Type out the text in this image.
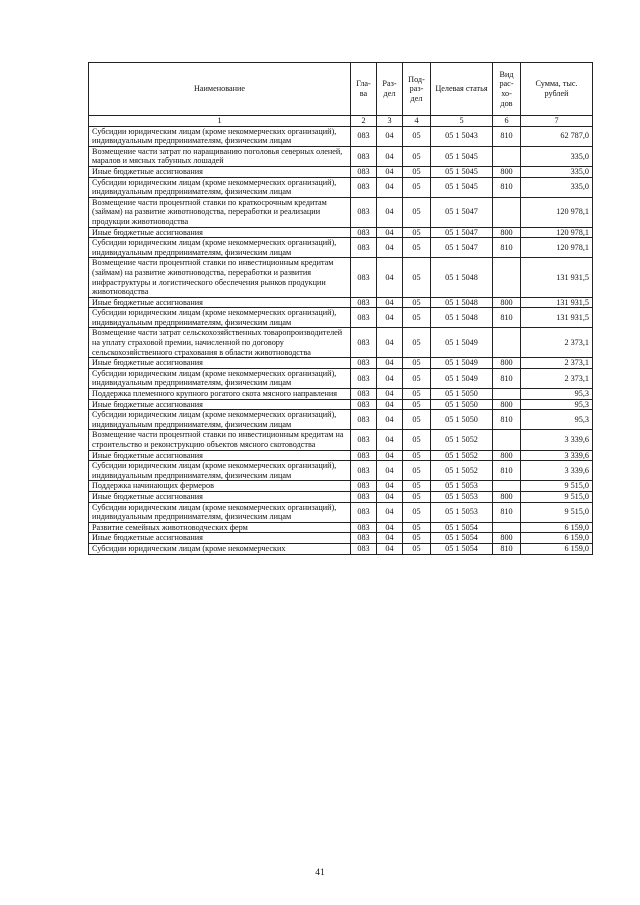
Наименование	Гла-ва	Раз-дел	Под-раз-дел	Целевая статья	Вид рас-хо-дов	Сумма, тыс. рублей
1	2	3	4	5	6	7
Субсидии юридическим лицам (кроме некоммерческих организаций), индивидуальным предпринимателям, физическим лицам	083	04	05	05 1 5043	810	62 787,0
Возмещение части затрат по наращиванию поголовья северных оленей, маралов и мясных табунных лошадей	083	04	05	05 1 5045		335,0
Иные бюджетные ассигнования	083	04	05	05 1 5045	800	335,0
Субсидии юридическим лицам (кроме некоммерческих организаций), индивидуальным предпринимателям, физическим лицам	083	04	05	05 1 5045	810	335,0
Возмещение части процентной ставки по краткосрочным кредитам (займам) на развитие животноводства, переработки и реализации продукции животноводства	083	04	05	05 1 5047		120 978,1
Иные бюджетные ассигнования	083	04	05	05 1 5047	800	120 978,1
Субсидии юридическим лицам (кроме некоммерческих организаций), индивидуальным предпринимателям, физическим лицам	083	04	05	05 1 5047	810	120 978,1
Возмещение части процентной ставки по инвестиционным кредитам (займам) на развитие животноводства, переработки и развития инфраструктуры и логистического обеспечения рынков продукции животноводства	083	04	05	05 1 5048		131 931,5
Иные бюджетные ассигнования	083	04	05	05 1 5048	800	131 931,5
Субсидии юридическим лицам (кроме некоммерческих организаций), индивидуальным предпринимателям, физическим лицам	083	04	05	05 1 5048	810	131 931,5
Возмещение части затрат сельскохозяйственных товаропроизводителей на уплату страховой премии, начисленной по договору сельскохозяйственного страхования в области животноводства	083	04	05	05 1 5049		2 373,1
Иные бюджетные ассигнования	083	04	05	05 1 5049	800	2 373,1
Субсидии юридическим лицам (кроме некоммерческих организаций), индивидуальным предпринимателям, физическим лицам	083	04	05	05 1 5049	810	2 373,1
Поддержка племенного крупного рогатого скота мясного направления	083	04	05	05 1 5050		95,3
Иные бюджетные ассигнования	083	04	05	05 1 5050	800	95,3
Субсидии юридическим лицам (кроме некоммерческих организаций), индивидуальным предпринимателям, физическим лицам	083	04	05	05 1 5050	810	95,3
Возмещение части процентной ставки по инвестиционным кредитам на строительство и реконструкцию объектов мясного скотоводства	083	04	05	05 1 5052		3 339,6
Иные бюджетные ассигнования	083	04	05	05 1 5052	800	3 339,6
Субсидии юридическим лицам (кроме некоммерческих организаций), индивидуальным предпринимателям, физическим лицам	083	04	05	05 1 5052	810	3 339,6
Поддержка начинающих фермеров	083	04	05	05 1 5053		9 515,0
Иные бюджетные ассигнования	083	04	05	05 1 5053	800	9 515,0
Субсидии юридическим лицам (кроме некоммерческих организаций), индивидуальным предпринимателям, физическим лицам	083	04	05	05 1 5053	810	9 515,0
Развитие семейных животноводческих ферм	083	04	05	05 1 5054		6 159,0
Иные бюджетные ассигнования	083	04	05	05 1 5054	800	6 159,0
Субсидии юридическим лицам (кроме некоммерческих	083	04	05	05 1 5054	810	6 159,0
41
